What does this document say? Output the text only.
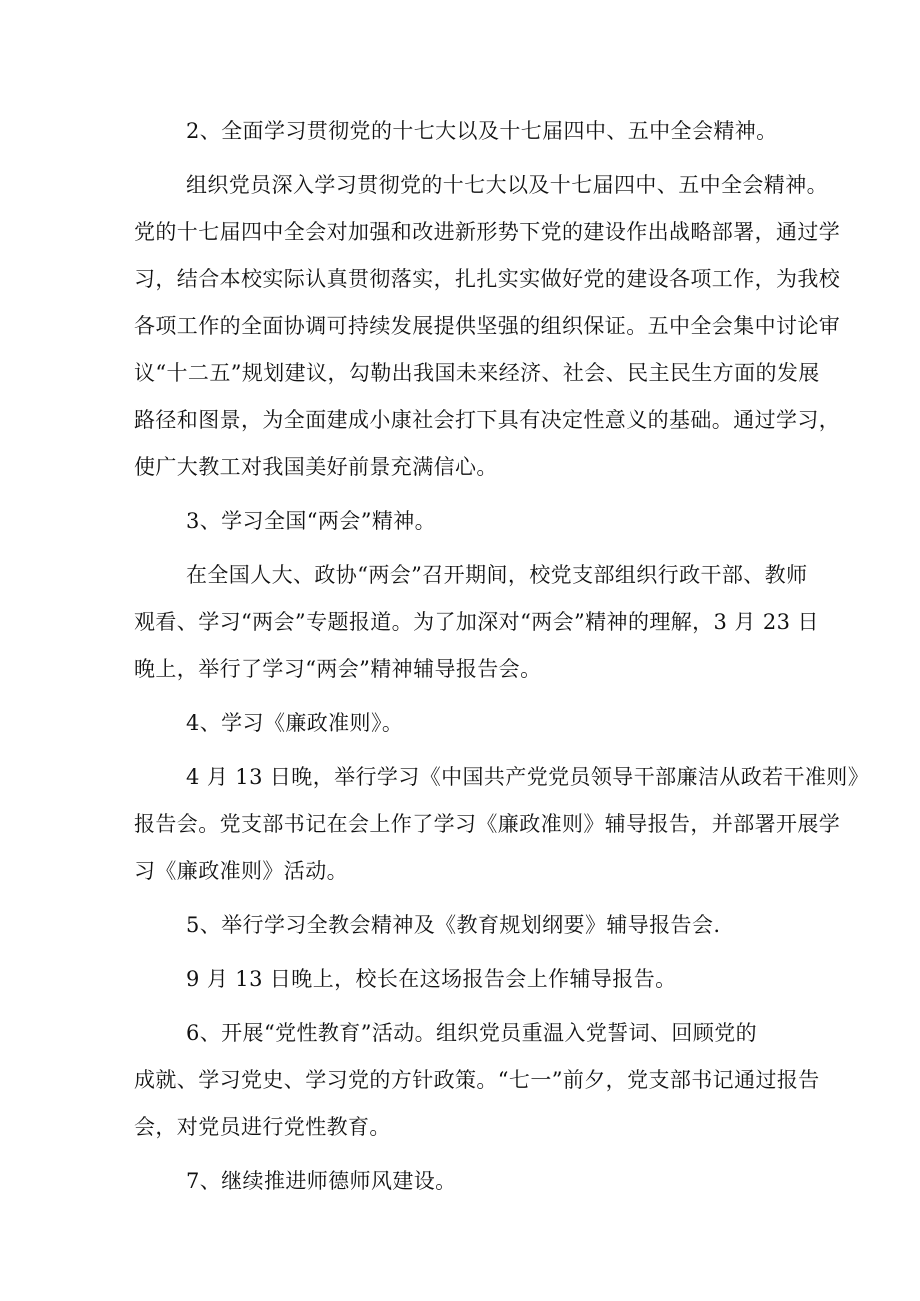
2、全面学习贯彻党的十七大以及十七届四中、五中全会精神。
组织党员深入学习贯彻党的十七大以及十七届四中、五中全会精神。
党的十七届四中全会对加强和改进新形势下党的建设作出战略部署，通过学
习，结合本校实际认真贯彻落实，扎扎实实做好党的建设各项工作，为我校
各项工作的全面协调可持续发展提供坚强的组织保证。五中全会集中讨论审
议“十二五”规划建议，勾勒出我国未来经济、社会、民主民生方面的发展
路径和图景，为全面建成小康社会打下具有决定性意义的基础。通过学习，
使广大教工对我国美好前景充满信心。
3、学习全国“两会”精神。
在全国人大、政协“两会”召开期间，校党支部组织行政干部、教师
观看、学习“两会”专题报道。为了加深对“两会”精神的理解，3 月 23 日
晚上，举行了学习“两会”精神辅导报告会。
4、学习《廉政准则》。
4 月 13 日晚，举行学习《中国共产党党员领导干部廉洁从政若干准则》
报告会。党支部书记在会上作了学习《廉政准则》辅导报告，并部署开展学
习《廉政准则》活动。
5、举行学习全教会精神及《教育规划纲要》辅导报告会.
9 月 13 日晚上，校长在这场报告会上作辅导报告。
6、开展“党性教育”活动。组织党员重温入党誓词、回顾党的
成就、学习党史、学习党的方针政策。“七一”前夕，党支部书记通过报告
会，对党员进行党性教育。
7、继续推进师德师风建设。
